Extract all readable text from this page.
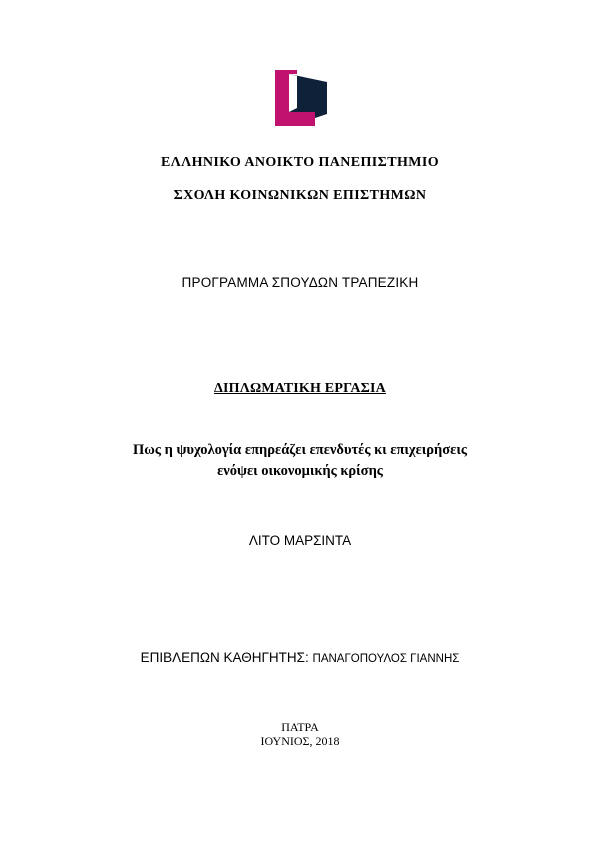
ΕΛΛΗΝΙΚΟ ΑΝΟΙΚΤΟ ΠΑΝΕΠΙΣΤΗΜΙΟ
ΣΧΟΛΗ ΚΟΙΝΩΝΙΚΩΝ ΕΠΙΣΤΗΜΩΝ
ΠΡΟΓΡΑΜΜΑ ΣΠΟΥΔΩΝ ΤΡΑΠΕΖΙΚΗ
ΔΙΠΛΩΜΑΤΙΚΗ ΕΡΓΑΣΙΑ
Πως η ψυχολογία επηρεάζει επενδυτές κι επιχειρήσεις
ενόψει οικονομικής κρίσης
ΛΙΤΟ ΜΑΡΣΙΝΤΑ
ΕΠΙΒΛΕΠΩΝ ΚΑΘΗΓΗΤΗΣ: ΠΑΝΑΓΟΠΟΥΛΟΣ ΓΙΑΝΝΗΣ
ΠΑΤΡΑ
ΙΟΥΝΙΟΣ, 2018
